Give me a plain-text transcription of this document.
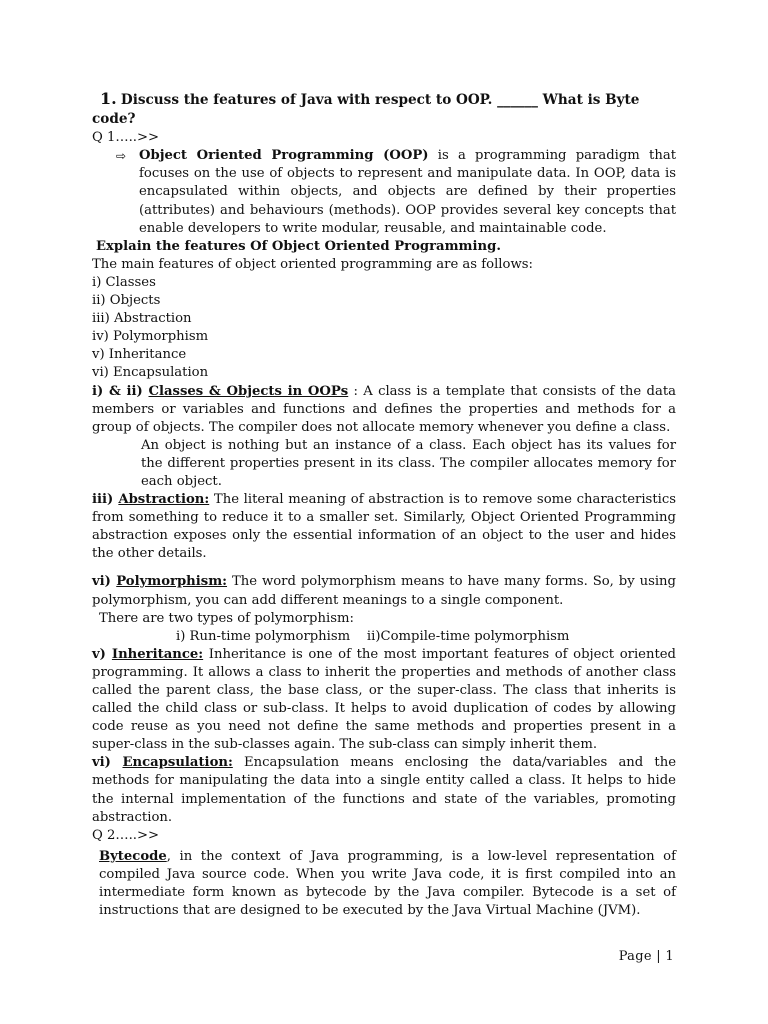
1. Discuss the features of Java with respect to OOP. ______ What is Byte code?

Q 1…..>>

⇨ Object Oriented Programming (OOP) is a programming paradigm that focuses on the use of objects to represent and manipulate data. In OOP, data is encapsulated within objects, and objects are defined by their properties (attributes) and behaviours (methods). OOP provides several key concepts that enable developers to write modular, reusable, and maintainable code.

Explain the features Of Object Oriented Programming.

The main features of object oriented programming are as follows:

i) Classes

ii) Objects

iii) Abstraction

iv) Polymorphism

v) Inheritance

vi) Encapsulation

i) & ii) Classes & Objects in OOPs : A class is a template that consists of the data members or variables and functions and defines the properties and methods for a group of objects. The compiler does not allocate memory whenever you define a class.

An object is nothing but an instance of a class. Each object has its values for the different properties present in its class. The compiler allocates memory for each object.

iii) Abstraction: The literal meaning of abstraction is to remove some characteristics from something to reduce it to a smaller set. Similarly, Object Oriented Programming abstraction exposes only the essential information of an object to the user and hides the other details.

vi) Polymorphism: The word polymorphism means to have many forms. So, by using polymorphism, you can add different meanings to a single component.

There are two types of polymorphism:

i) Run-time polymorphism    ii)Compile-time polymorphism

v) Inheritance: Inheritance is one of the most important features of object oriented programming. It allows a class to inherit the properties and methods of another class called the parent class, the base class, or the super-class. The class that inherits is called the child class or sub-class. It helps to avoid duplication of codes by allowing code reuse as you need not define the same methods and properties present in a super-class in the sub-classes again. The sub-class can simply inherit them.

vi) Encapsulation: Encapsulation means enclosing the data/variables and the methods for manipulating the data into a single entity called a class. It helps to hide the internal implementation of the functions and state of the variables, promoting abstraction.

Q 2…..>>

Bytecode, in the context of Java programming, is a low-level representation of compiled Java source code. When you write Java code, it is first compiled into an intermediate form known as bytecode by the Java compiler. Bytecode is a set of instructions that are designed to be executed by the Java Virtual Machine (JVM).

Page | 1
